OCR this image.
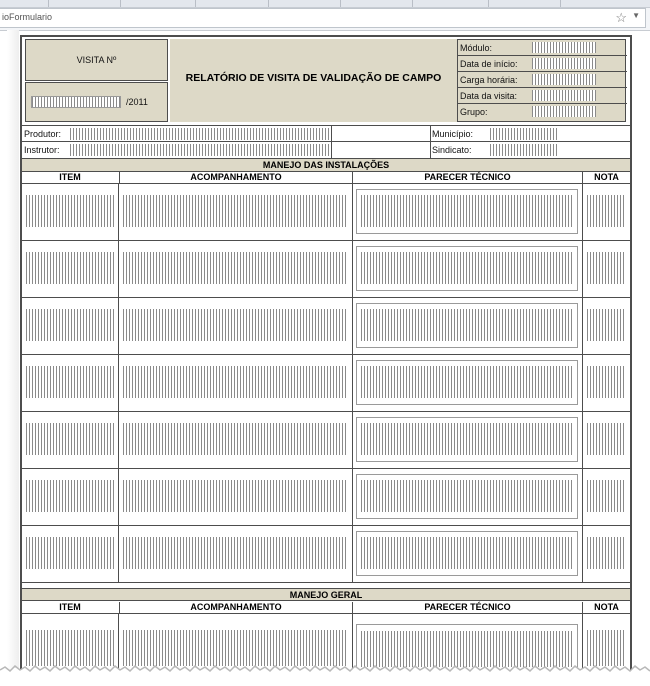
ioFormulario	☆ ▼
VISITA Nº
/2011
RELATÓRIO DE VISITA DE VALIDAÇÃO DE CAMPO
Módulo:
Data de início:
Carga horária:
Data da visita:
Grupo:
Produtor:	Município:
Instrutor:	Sindicato:
MANEJO DAS INSTALAÇÕES
ITEM	ACOMPANHAMENTO	PARECER TÉCNICO	NOTA
MANEJO GERAL
ITEM	ACOMPANHAMENTO	PARECER TÉCNICO	NOTA
